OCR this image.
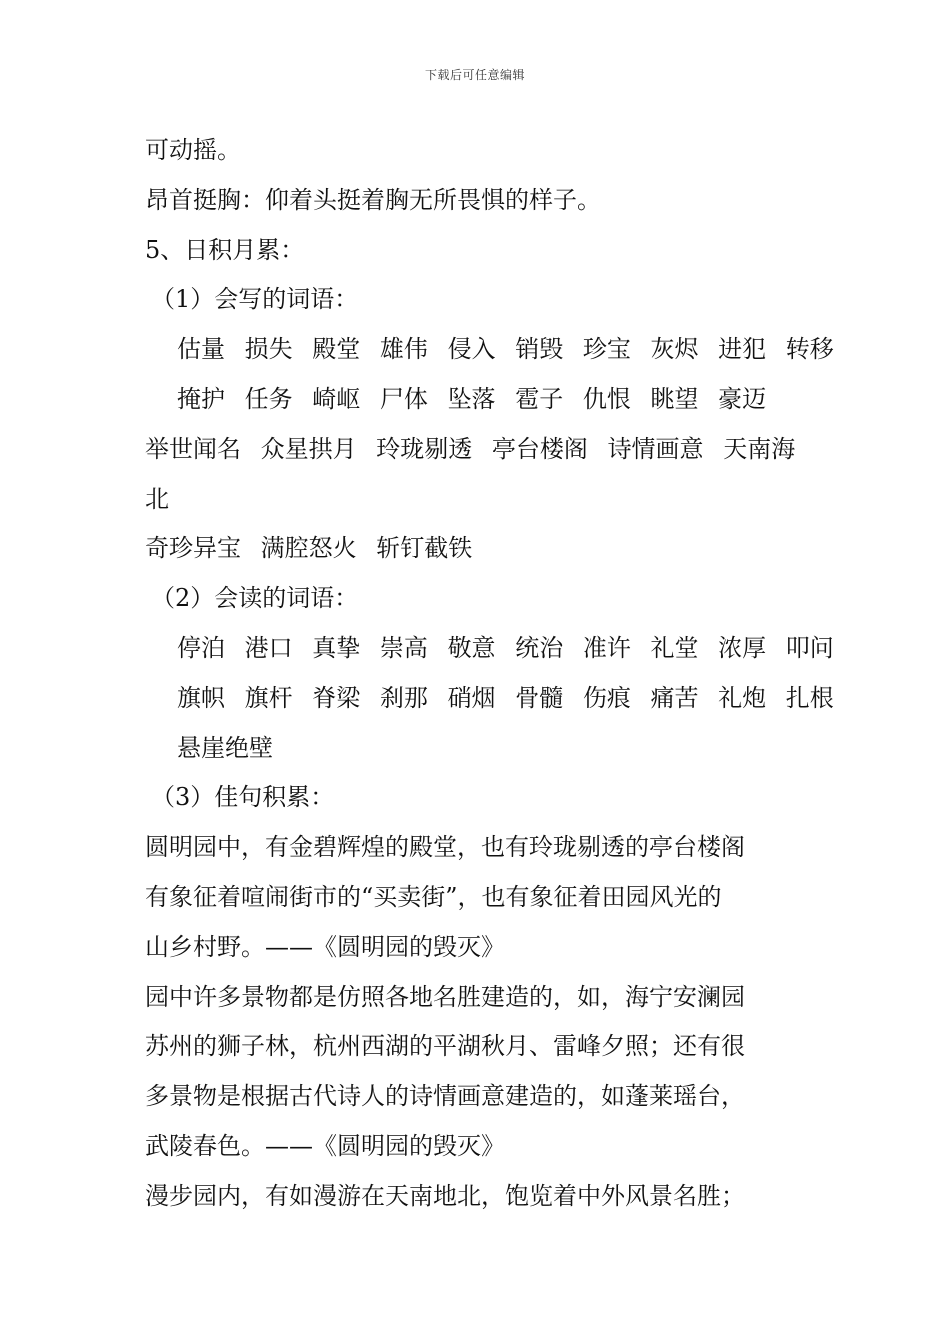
下载后可任意编辑
可动摇。
昂首挺胸：仰着头挺着胸无所畏惧的样子。
5、日积月累：
（1）会写的词语：
估量 损失 殿堂 雄伟 侵入 销毁 珍宝 灰烬 进犯 转移
掩护 任务 崎岖 尸体 坠落 雹子 仇恨 眺望 豪迈
举世闻名 众星拱月 玲珑剔透 亭台楼阁 诗情画意 天南海
北
奇珍异宝 满腔怒火 斩钉截铁
（2）会读的词语：
停泊 港口 真挚 崇高 敬意 统治 准许 礼堂 浓厚 叩问
旗帜 旗杆 脊梁 刹那 硝烟 骨髓 伤痕 痛苦 礼炮 扎根
悬崖绝壁
（3）佳句积累：
圆明园中，有金碧辉煌的殿堂，也有玲珑剔透的亭台楼阁
有象征着喧闹街市的“买卖街”，也有象征着田园风光的
山乡村野。——《圆明园的毁灭》
园中许多景物都是仿照各地名胜建造的，如，海宁安澜园
苏州的狮子林，杭州西湖的平湖秋月、雷峰夕照；还有很
多景物是根据古代诗人的诗情画意建造的，如蓬莱瑶台，
武陵春色。——《圆明园的毁灭》
漫步园内，有如漫游在天南地北，饱览着中外风景名胜；
